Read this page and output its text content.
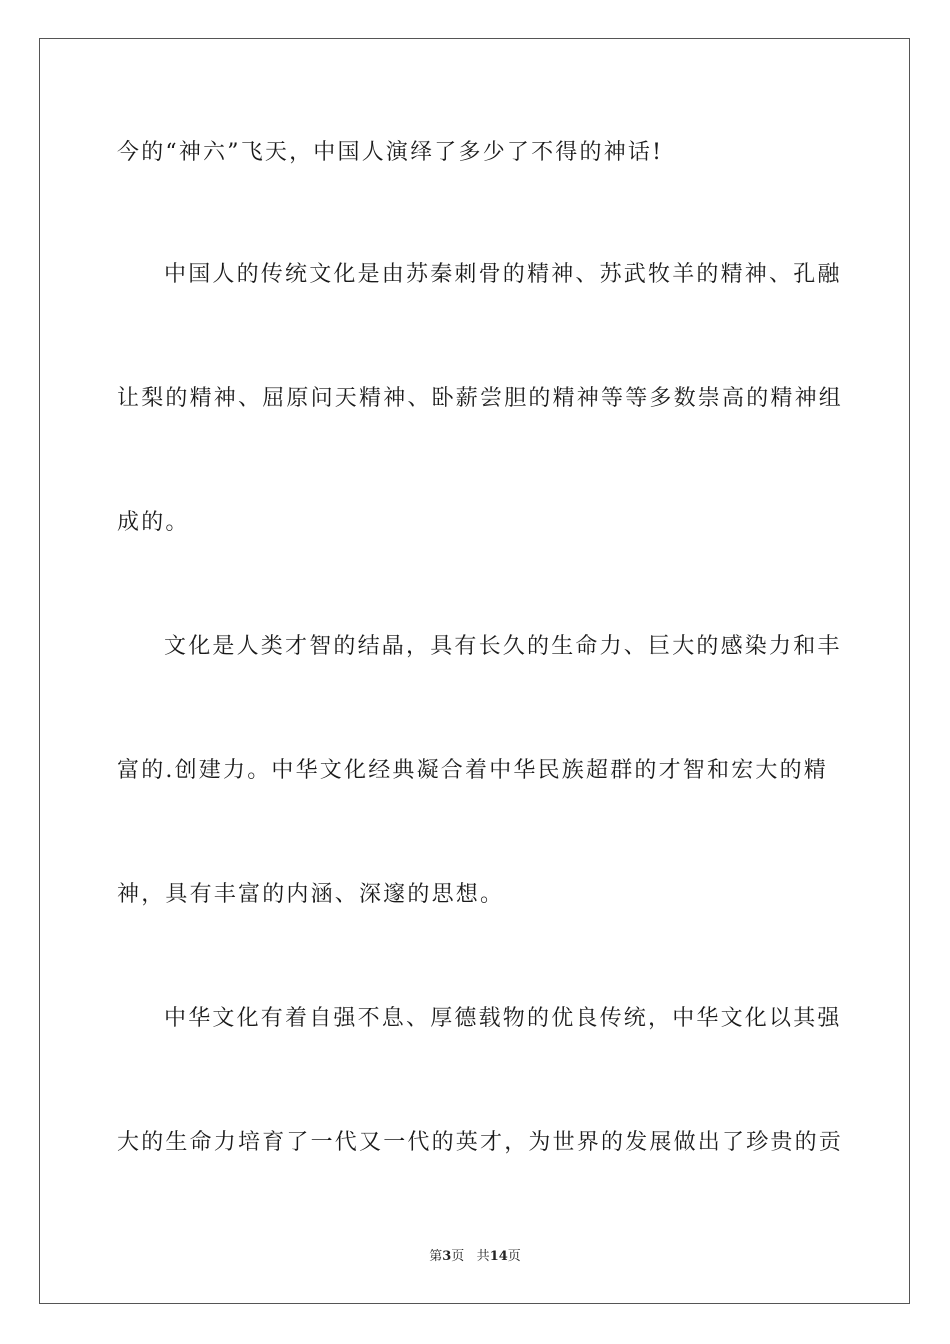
今的“神六”飞天，中国人演绎了多少了不得的神话!
中国人的传统文化是由苏秦刺骨的精神、苏武牧羊的精神、孔融
让梨的精神、屈原问天精神、卧薪尝胆的精神等等多数崇高的精神组
成的。
文化是人类才智的结晶，具有长久的生命力、巨大的感染力和丰
富的.创建力。中华文化经典凝合着中华民族超群的才智和宏大的精
神，具有丰富的内涵、深邃的思想。
中华文化有着自强不息、厚德载物的优良传统，中华文化以其强
大的生命力培育了一代又一代的英才，为世界的发展做出了珍贵的贡
第3页 共14页
